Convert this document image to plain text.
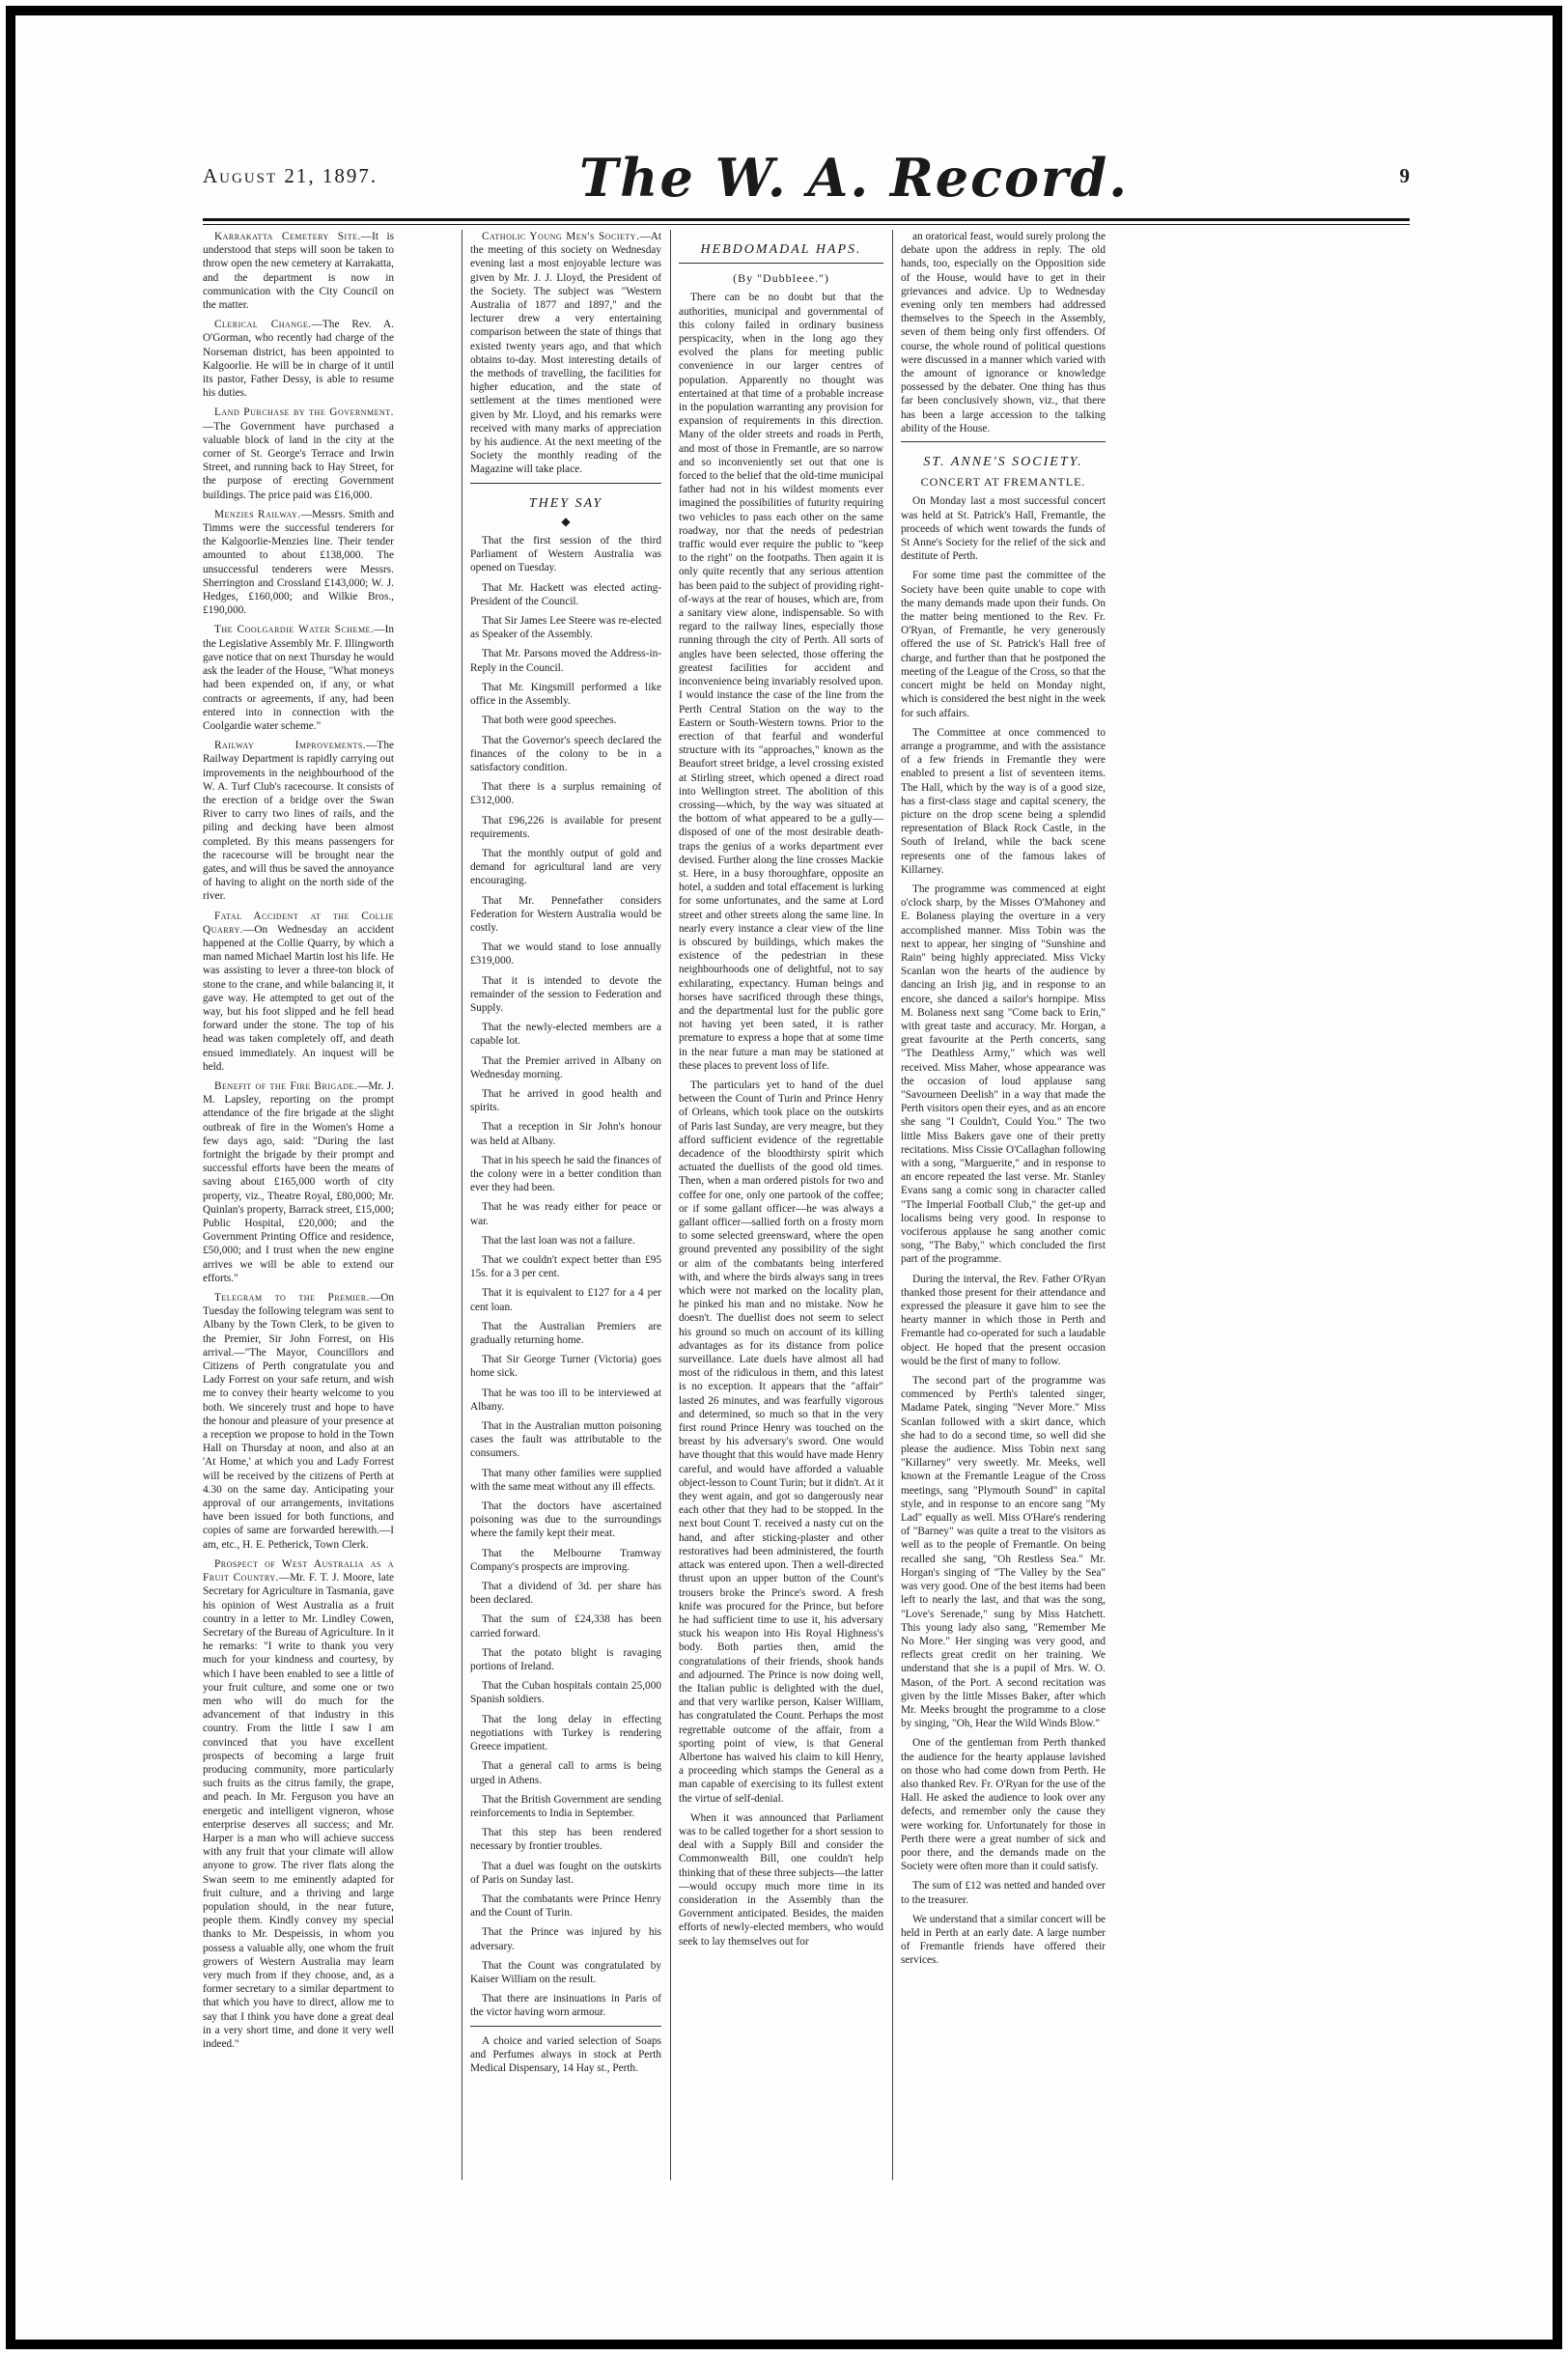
August 21, 1897.	The W. A. Record.	9

Karrakatta Cemetery Site.—It is understood that steps will soon be taken to throw open the new cemetery at Karrakatta, and the department is now in communication with the City Council on the matter.

Clerical Change.—The Rev. A. O'Gorman, who recently had charge of the Norseman district, has been appointed to Kalgoorlie. He will be in charge of it until its pastor, Father Dessy, is able to resume his duties.

Land Purchase by the Government.—The Government have purchased a valuable block of land in the city at the corner of St. George's Terrace and Irwin Street, and running back to Hay Street, for the purpose of erecting Government buildings. The price paid was £16,000.

Menzies Railway.—Messrs. Smith and Timms were the successful tenderers for the Kalgoorlie-Menzies line. Their tender amounted to about £138,000. The unsuccessful tenderers were Messrs. Sherrington and Crossland £143,000; W. J. Hedges, £160,000; and Wilkie Bros., £190,000.

The Coolgardie Water Scheme.—In the Legislative Assembly Mr. F. Illingworth gave notice that on next Thursday he would ask the leader of the House, "What moneys had been expended on, if any, or what contracts or agreements, if any, had been entered into in connection with the Coolgardie water scheme."

Railway Improvements.—The Railway Department is rapidly carrying out improvements in the neighbourhood of the W. A. Turf Club's racecourse. It consists of the erection of a bridge over the Swan River to carry two lines of rails, and the piling and decking have been almost completed. By this means passengers for the racecourse will be brought near the gates, and will thus be saved the annoyance of having to alight on the north side of the river.

Fatal Accident at the Collie Quarry.—On Wednesday an accident happened at the Collie Quarry, by which a man named Michael Martin lost his life. He was assisting to lever a three-ton block of stone to the crane, and while balancing it, it gave way. He attempted to get out of the way, but his foot slipped and he fell head forward under the stone. The top of his head was taken completely off, and death ensued immediately. An inquest will be held.

Benefit of the Fire Brigade.—Mr. J. M. Lapsley, reporting on the prompt attendance of the fire brigade at the slight outbreak of fire in the Women's Home a few days ago, said: "During the last fortnight the brigade by their prompt and successful efforts have been the means of saving about £165,000 worth of city property, viz., Theatre Royal, £80,000; Mr. Quinlan's property, Barrack street, £15,000; Public Hospital, £20,000; and the Government Printing Office and residence, £50,000; and I trust when the new engine arrives we will be able to extend our efforts."

Telegram to the Premier.—On Tuesday the following telegram was sent to Albany by the Town Clerk, to be given to the Premier, Sir John Forrest, on His arrival.—"The Mayor, Councillors and Citizens of Perth congratulate you and Lady Forrest on your safe return, and wish me to convey their hearty welcome to you both. We sincerely trust and hope to have the honour and pleasure of your presence at a reception we propose to hold in the Town Hall on Thursday at noon, and also at an 'At Home,' at which you and Lady Forrest will be received by the citizens of Perth at 4.30 on the same day. Anticipating your approval of our arrangements, invitations have been issued for both functions, and copies of same are forwarded herewith.—I am, etc., H. E. Petherick, Town Clerk.

Prospect of West Australia as a Fruit Country.—Mr. F. T. J. Moore, late Secretary for Agriculture in Tasmania, gave his opinion of West Australia as a fruit country in a letter to Mr. Lindley Cowen, Secretary of the Bureau of Agriculture. In it he remarks: "I write to thank you very much for your kindness and courtesy, by which I have been enabled to see a little of your fruit culture, and some one or two men who will do much for the advancement of that industry in this country. From the little I saw I am convinced that you have excellent prospects of becoming a large fruit producing community, more particularly such fruits as the citrus family, the grape, and peach. In Mr. Ferguson you have an energetic and intelligent vigneron, whose enterprise deserves all success; and Mr. Harper is a man who will achieve success with any fruit that your climate will allow anyone to grow. The river flats along the Swan seem to me eminently adapted for fruit culture, and a thriving and large population should, in the near future, people them. Kindly convey my special thanks to Mr. Despeissis, in whom you possess a valuable ally, one whom the fruit growers of Western Australia may learn very much from if they choose, and, as a former secretary to a similar department to that which you have to direct, allow me to say that I think you have done a great deal in a very short time, and done it very well indeed."

Catholic Young Men's Society.—At the meeting of this society on Wednesday evening last a most enjoyable lecture was given by Mr. J. J. Lloyd, the President of the Society. The subject was "Western Australia of 1877 and 1897," and the lecturer drew a very entertaining comparison between the state of things that existed twenty years ago, and that which obtains to-day. Most interesting details of the methods of travelling, the facilities for higher education, and the state of settlement at the times mentioned were given by Mr. Lloyd, and his remarks were received with many marks of appreciation by his audience. At the next meeting of the Society the monthly reading of the Magazine will take place.

THEY SAY
◆

That the first session of the third Parliament of Western Australia was opened on Tuesday.

That Mr. Hackett was elected acting-President of the Council.

That Sir James Lee Steere was re-elected as Speaker of the Assembly.

That Mr. Parsons moved the Address-in-Reply in the Council.

That Mr. Kingsmill performed a like office in the Assembly.

That both were good speeches.

That the Governor's speech declared the finances of the colony to be in a satisfactory condition.

That there is a surplus remaining of £312,000.

That £96,226 is available for present requirements.

That the monthly output of gold and demand for agricultural land are very encouraging.

That Mr. Pennefather considers Federation for Western Australia would be costly.

That we would stand to lose annually £319,000.

That it is intended to devote the remainder of the session to Federation and Supply.

That the newly-elected members are a capable lot.

That the Premier arrived in Albany on Wednesday morning.

That he arrived in good health and spirits.

That a reception in Sir John's honour was held at Albany.

That in his speech he said the finances of the colony were in a better condition than ever they had been.

That he was ready either for peace or war.

That the last loan was not a failure.

That we couldn't expect better than £95 15s. for a 3 per cent.

That it is equivalent to £127 for a 4 per cent loan.

That the Australian Premiers are gradually returning home.

That Sir George Turner (Victoria) goes home sick.

That he was too ill to be interviewed at Albany.

That in the Australian mutton poisoning cases the fault was attributable to the consumers.

That many other families were supplied with the same meat without any ill effects.

That the doctors have ascertained poisoning was due to the surroundings where the family kept their meat.

That the Melbourne Tramway Company's prospects are improving.

That a dividend of 3d. per share has been declared.

That the sum of £24,338 has been carried forward.

That the potato blight is ravaging portions of Ireland.

That the Cuban hospitals contain 25,000 Spanish soldiers.

That the long delay in effecting negotiations with Turkey is rendering Greece impatient.

That a general call to arms is being urged in Athens.

That the British Government are sending reinforcements to India in September.

That this step has been rendered necessary by frontier troubles.

That a duel was fought on the outskirts of Paris on Sunday last.

That the combatants were Prince Henry and the Count of Turin.

That the Prince was injured by his adversary.

That the Count was congratulated by Kaiser William on the result.

That there are insinuations in Paris of the victor having worn armour.

A choice and varied selection of Soaps and Perfumes always in stock at Perth Medical Dispensary, 14 Hay st., Perth.

HEBDOMADAL HAPS.
(By "Dubbleee.")

There can be no doubt but that the authorities, municipal and governmental of this colony failed in ordinary business perspicacity, when in the long ago they evolved the plans for meeting public convenience in our larger centres of population. Apparently no thought was entertained at that time of a probable increase in the population warranting any provision for expansion of requirements in this direction. Many of the older streets and roads in Perth, and most of those in Fremantle, are so narrow and so inconveniently set out that one is forced to the belief that the old-time municipal father had not in his wildest moments ever imagined the possibilities of futurity requiring two vehicles to pass each other on the same roadway, nor that the needs of pedestrian traffic would ever require the public to "keep to the right" on the footpaths. Then again it is only quite recently that any serious attention has been paid to the subject of providing right-of-ways at the rear of houses, which are, from a sanitary view alone, indispensable. So with regard to the railway lines, especially those running through the city of Perth. All sorts of angles have been selected, those offering the greatest facilities for accident and inconvenience being invariably resolved upon. I would instance the case of the line from the Perth Central Station on the way to the Eastern or South-Western towns. Prior to the erection of that fearful and wonderful structure with its "approaches," known as the Beaufort street bridge, a level crossing existed at Stirling street, which opened a direct road into Wellington street. The abolition of this crossing—which, by the way was situated at the bottom of what appeared to be a gully—disposed of one of the most desirable death-traps the genius of a works department ever devised. Further along the line crosses Mackie st. Here, in a busy thoroughfare, opposite an hotel, a sudden and total effacement is lurking for some unfortunates, and the same at Lord street and other streets along the same line. In nearly every instance a clear view of the line is obscured by buildings, which makes the existence of the pedestrian in these neighbourhoods one of delightful, not to say exhilarating, expectancy. Human beings and horses have sacrificed through these things, and the departmental lust for the public gore not having yet been sated, it is rather premature to express a hope that at some time in the near future a man may be stationed at these places to prevent loss of life.

The particulars yet to hand of the duel between the Count of Turin and Prince Henry of Orleans, which took place on the outskirts of Paris last Sunday, are very meagre, but they afford sufficient evidence of the regrettable decadence of the bloodthirsty spirit which actuated the duellists of the good old times. Then, when a man ordered pistols for two and coffee for one, only one partook of the coffee; or if some gallant officer—he was always a gallant officer—sallied forth on a frosty morn to some selected greensward, where the open ground prevented any possibility of the sight or aim of the combatants being interfered with, and where the birds always sang in trees which were not marked on the locality plan, he pinked his man and no mistake. Now he doesn't. The duellist does not seem to select his ground so much on account of its killing advantages as for its distance from police surveillance. Late duels have almost all had most of the ridiculous in them, and this latest is no exception. It appears that the "affair" lasted 26 minutes, and was fearfully vigorous and determined, so much so that in the very first round Prince Henry was touched on the breast by his adversary's sword. One would have thought that this would have made Henry careful, and would have afforded a valuable object-lesson to Count Turin; but it didn't. At it they went again, and got so dangerously near each other that they had to be stopped. In the next bout Count T. received a nasty cut on the hand, and after sticking-plaster and other restoratives had been administered, the fourth attack was entered upon. Then a well-directed thrust upon an upper button of the Count's trousers broke the Prince's sword. A fresh knife was procured for the Prince, but before he had sufficient time to use it, his adversary stuck his weapon into His Royal Highness's body. Both parties then, amid the congratulations of their friends, shook hands and adjourned. The Prince is now doing well, the Italian public is delighted with the duel, and that very warlike person, Kaiser William, has congratulated the Count. Perhaps the most regrettable outcome of the affair, from a sporting point of view, is that General Albertone has waived his claim to kill Henry, a proceeding which stamps the General as a man capable of exercising to its fullest extent the virtue of self-denial.

When it was announced that Parliament was to be called together for a short session to deal with a Supply Bill and consider the Commonwealth Bill, one couldn't help thinking that of these three subjects—the latter—would occupy much more time in its consideration in the Assembly than the Government anticipated. Besides, the maiden efforts of newly-elected members, who would seek to lay themselves out for

an oratorical feast, would surely prolong the debate upon the address in reply. The old hands, too, especially on the Opposition side of the House, would have to get in their grievances and advice. Up to Wednesday evening only ten members had addressed themselves to the Speech in the Assembly, seven of them being only first offenders. Of course, the whole round of political questions were discussed in a manner which varied with the amount of ignorance or knowledge possessed by the debater. One thing has thus far been conclusively shown, viz., that there has been a large accession to the talking ability of the House.

ST. ANNE'S SOCIETY.
CONCERT AT FREMANTLE.

On Monday last a most successful concert was held at St. Patrick's Hall, Fremantle, the proceeds of which went towards the funds of St Anne's Society for the relief of the sick and destitute of Perth.

For some time past the committee of the Society have been quite unable to cope with the many demands made upon their funds. On the matter being mentioned to the Rev. Fr. O'Ryan, of Fremantle, he very generously offered the use of St. Patrick's Hall free of charge, and further than that he postponed the meeting of the League of the Cross, so that the concert might be held on Monday night, which is considered the best night in the week for such affairs.

The Committee at once commenced to arrange a programme, and with the assistance of a few friends in Fremantle they were enabled to present a list of seventeen items. The Hall, which by the way is of a good size, has a first-class stage and capital scenery, the picture on the drop scene being a splendid representation of Black Rock Castle, in the South of Ireland, while the back scene represents one of the famous lakes of Killarney.

The programme was commenced at eight o'clock sharp, by the Misses O'Mahoney and E. Bolaness playing the overture in a very accomplished manner. Miss Tobin was the next to appear, her singing of "Sunshine and Rain" being highly appreciated. Miss Vicky Scanlan won the hearts of the audience by dancing an Irish jig, and in response to an encore, she danced a sailor's hornpipe. Miss M. Bolaness next sang "Come back to Erin," with great taste and accuracy. Mr. Horgan, a great favourite at the Perth concerts, sang "The Deathless Army," which was well received. Miss Maher, whose appearance was the occasion of loud applause sang "Savourneen Deelish" in a way that made the Perth visitors open their eyes, and as an encore she sang "I Couldn't, Could You." The two little Miss Bakers gave one of their pretty recitations. Miss Cissie O'Callaghan following with a song, "Marguerite," and in response to an encore repeated the last verse. Mr. Stanley Evans sang a comic song in character called "The Imperial Football Club," the get-up and localisms being very good. In response to vociferous applause he sang another comic song, "The Baby," which concluded the first part of the programme.

During the interval, the Rev. Father O'Ryan thanked those present for their attendance and expressed the pleasure it gave him to see the hearty manner in which those in Perth and Fremantle had co-operated for such a laudable object. He hoped that the present occasion would be the first of many to follow.

The second part of the programme was commenced by Perth's talented singer, Madame Patek, singing "Never More." Miss Scanlan followed with a skirt dance, which she had to do a second time, so well did she please the audience. Miss Tobin next sang "Killarney" very sweetly. Mr. Meeks, well known at the Fremantle League of the Cross meetings, sang "Plymouth Sound" in capital style, and in response to an encore sang "My Lad" equally as well. Miss O'Hare's rendering of "Barney" was quite a treat to the visitors as well as to the people of Fremantle. On being recalled she sang, "Oh Restless Sea." Mr. Horgan's singing of "The Valley by the Sea" was very good. One of the best items had been left to nearly the last, and that was the song, "Love's Serenade," sung by Miss Hatchett. This young lady also sang, "Remember Me No More." Her singing was very good, and reflects great credit on her training. We understand that she is a pupil of Mrs. W. O. Mason, of the Port. A second recitation was given by the little Misses Baker, after which Mr. Meeks brought the programme to a close by singing, "Oh, Hear the Wild Winds Blow."

One of the gentleman from Perth thanked the audience for the hearty applause lavished on those who had come down from Perth. He also thanked Rev. Fr. O'Ryan for the use of the Hall. He asked the audience to look over any defects, and remember only the cause they were working for. Unfortunately for those in Perth there were a great number of sick and poor there, and the demands made on the Society were often more than it could satisfy.

The sum of £12 was netted and handed over to the treasurer.

We understand that a similar concert will be held in Perth at an early date. A large number of Fremantle friends have offered their services.
